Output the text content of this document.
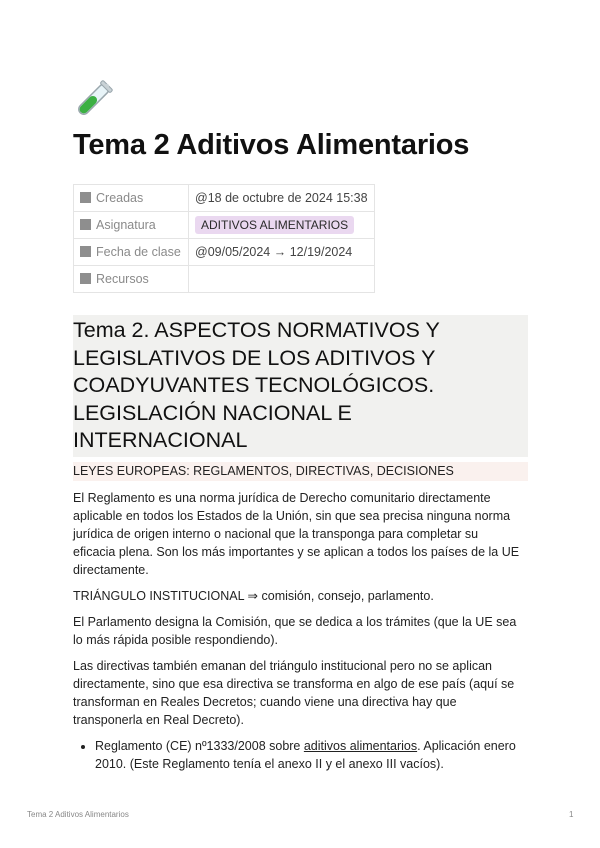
Tema 2 Aditivos Alimentarios
Creadas	@18 de octubre de 2024 15:38
Asignatura	ADITIVOS ALIMENTARIOS
Fecha de clase	@09/05/2024 → 12/19/2024
Recursos	
Tema 2. ASPECTOS NORMATIVOS Y
LEGISLATIVOS DE LOS ADITIVOS Y
COADYUVANTES TECNOLÓGICOS.
LEGISLACIÓN NACIONAL E
INTERNACIONAL
LEYES EUROPEAS: REGLAMENTOS, DIRECTIVAS, DECISIONES
El Reglamento es una norma jurídica de Derecho comunitario directamente
aplicable en todos los Estados de la Unión, sin que sea precisa ninguna norma
jurídica de origen interno o nacional que la transponga para completar su
eficacia plena. Son los más importantes y se aplican a todos los países de la UE
directamente.
TRIÁNGULO INSTITUCIONAL ⇒ comisión, consejo, parlamento.
El Parlamento designa la Comisión, que se dedica a los trámites (que la UE sea
lo más rápida posible respondiendo).
Las directivas también emanan del triángulo institucional pero no se aplican
directamente, sino que esa directiva se transforma en algo de ese país (aquí se
transforman en Reales Decretos; cuando viene una directiva hay que
transponerla en Real Decreto).
• Reglamento (CE) nº1333/2008 sobre aditivos alimentarios. Aplicación enero
2010. (Este Reglamento tenía el anexo II y el anexo III vacíos).
Tema 2 Aditivos Alimentarios	1
